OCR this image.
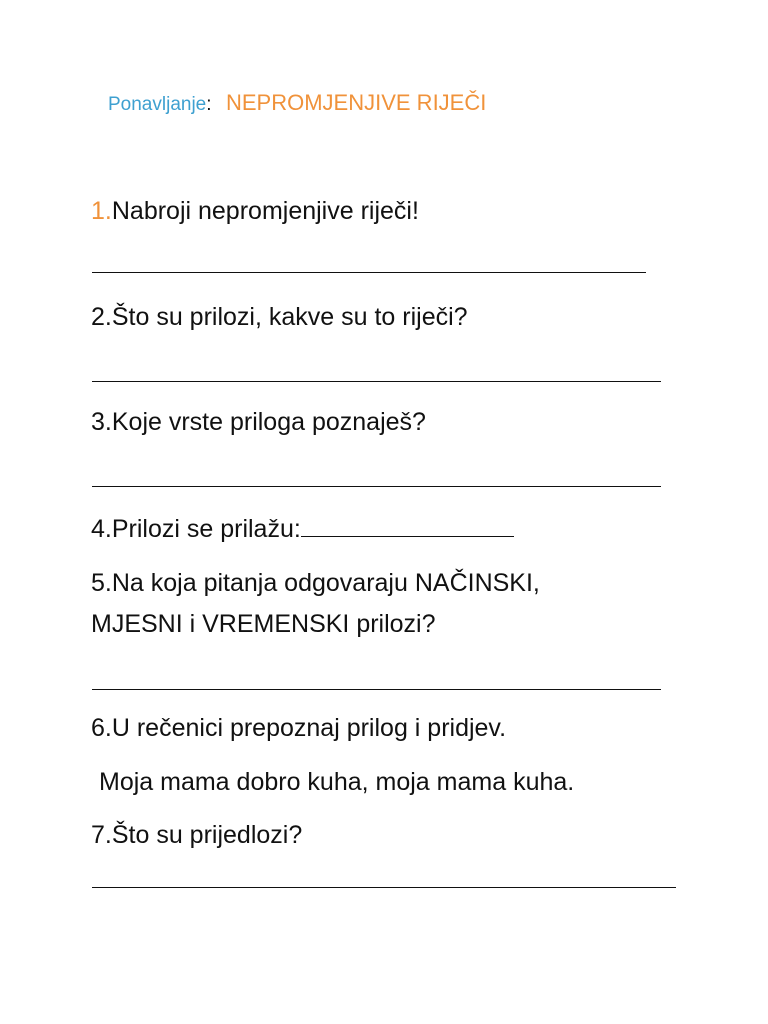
Ponavljanje: NEPROMJENJIVE RIJEČI
1.Nabroji nepromjenjive riječi!
2.Što su prilozi, kakve su to riječi?
3.Koje vrste priloga poznaješ?
4.Prilozi se prilažu:
5.Na koja pitanja odgovaraju NAČINSKI,
MJESNI i VREMENSKI prilozi?
6.U rečenici prepoznaj prilog i pridjev.
Moja mama dobro kuha, moja mama kuha.
7.Što su prijedlozi?
